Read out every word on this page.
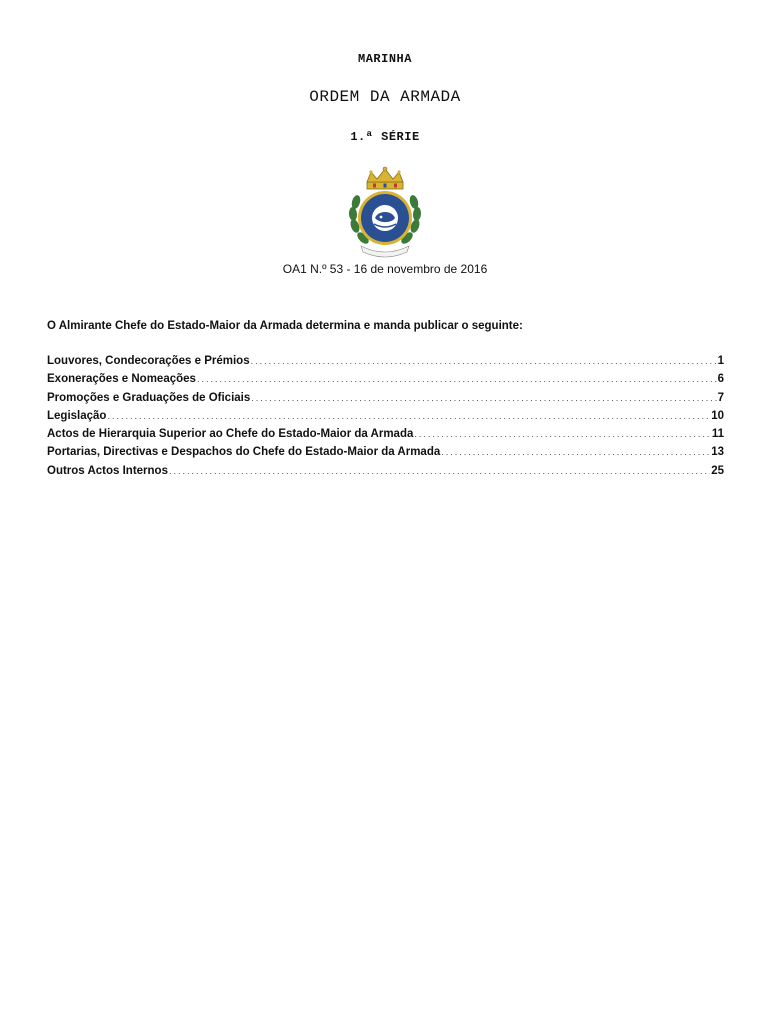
MARINHA
ORDEM DA ARMADA
1.ª SÉRIE
OA1 N.º 53 - 16 de novembro de 2016
O Almirante Chefe do Estado-Maior da Armada determina e manda publicar o seguinte:
Louvores, Condecorações e Prémios .....	1
Exonerações e Nomeações .....	6
Promoções e Graduações de Oficiais .....	7
Legislação .....	10
Actos de Hierarquia Superior ao Chefe do Estado-Maior da Armada .....	11
Portarias, Directivas e Despachos do Chefe do Estado-Maior da Armada .....	13
Outros Actos Internos .....	25
